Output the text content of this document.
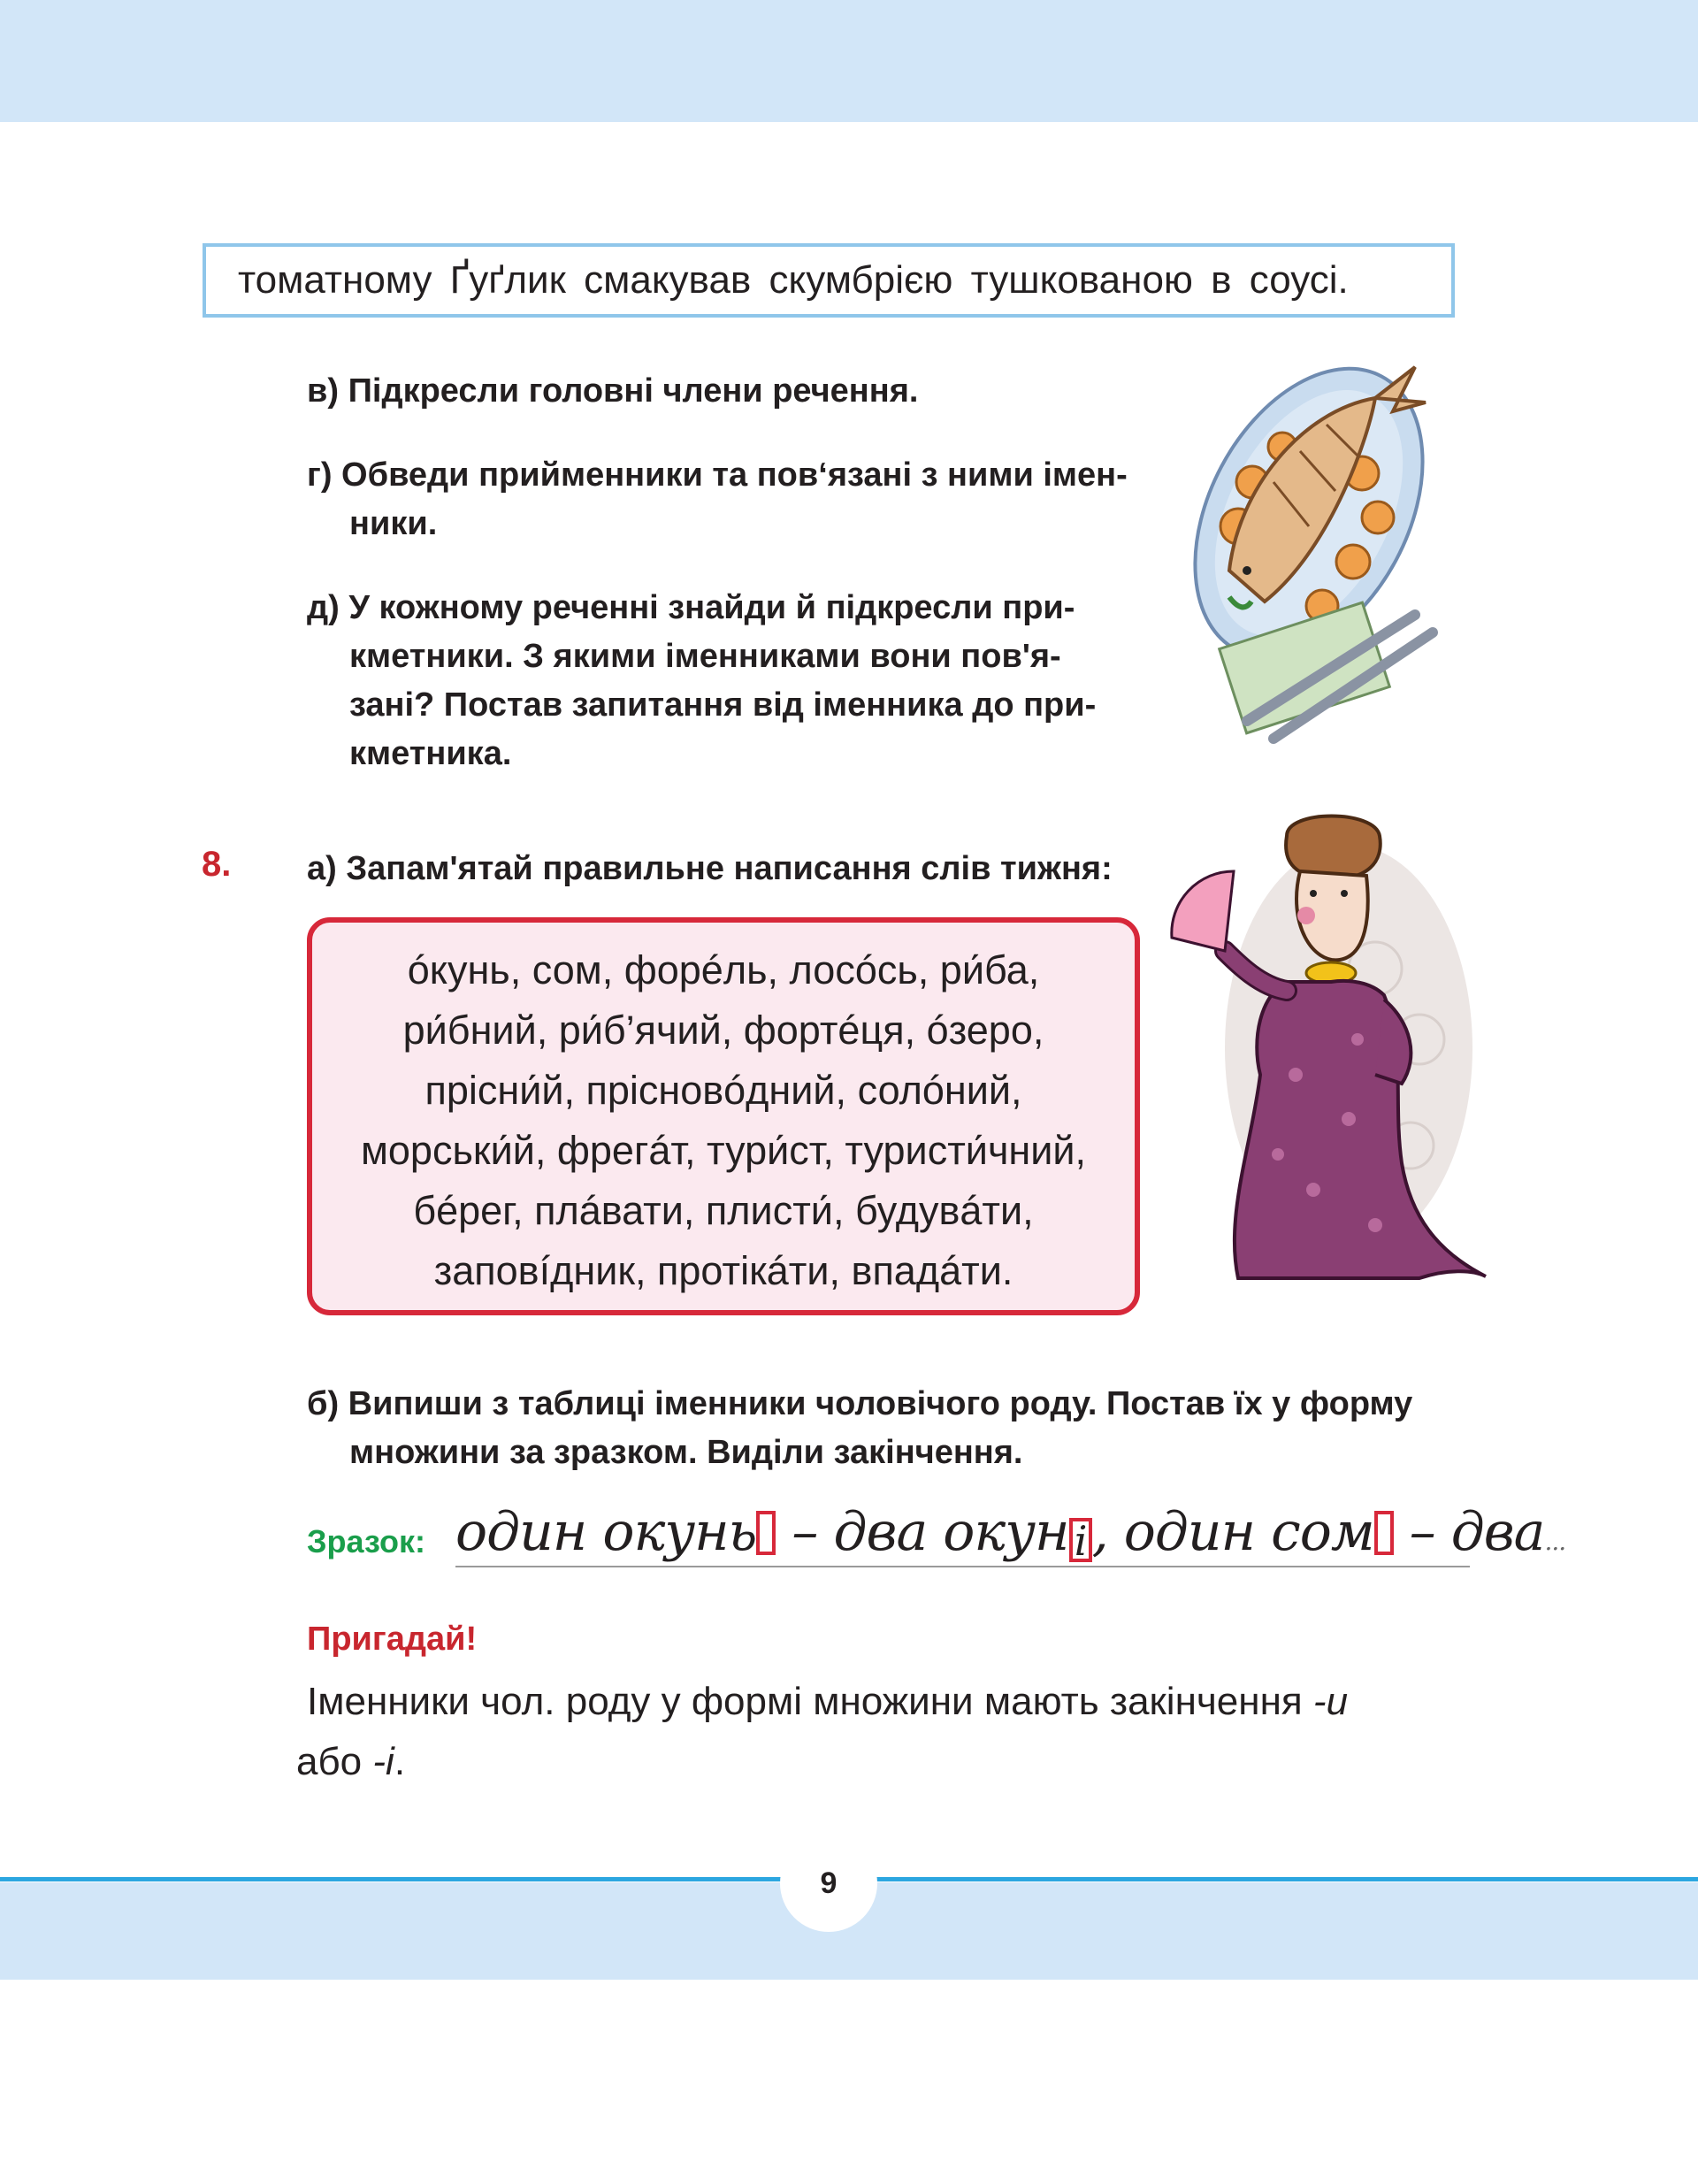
томатному Ґуґлик смакував скумбрією тушкованою в соусі.
в) Підкресли головні члени речення.
г) Обведи прийменники та пов‘язані з ними імен-
ники.
д) У кожному реченні знайди й підкресли при-
кметники. З якими іменниками вони пов'я-
зані? Постав запитання від іменника до при-
кметника.
8. а) Запам'ятай правильне написання слів тижня:
óкунь, сом, форéль, лосóсь, ри́ба,
ри́бний, ри́б’ячий, фортéця, óзеро,
прісни́й, прісновóдний, солóний,
морськи́й, фрегáт, тури́ст, туристи́чний,
бéрег, плáвати, плисти́, будувáти,
заповíдник, протікáти, впадáти.
б) Випиши з таблиці іменники чоловічого роду. Постав їх у форму
множини за зразком. Виділи закінчення.
Зразок: один окунь – два окун і , один сом – два...
Пригадай!
Іменники чол. роду у формі множини мають закінчення -и
або -і.
9
